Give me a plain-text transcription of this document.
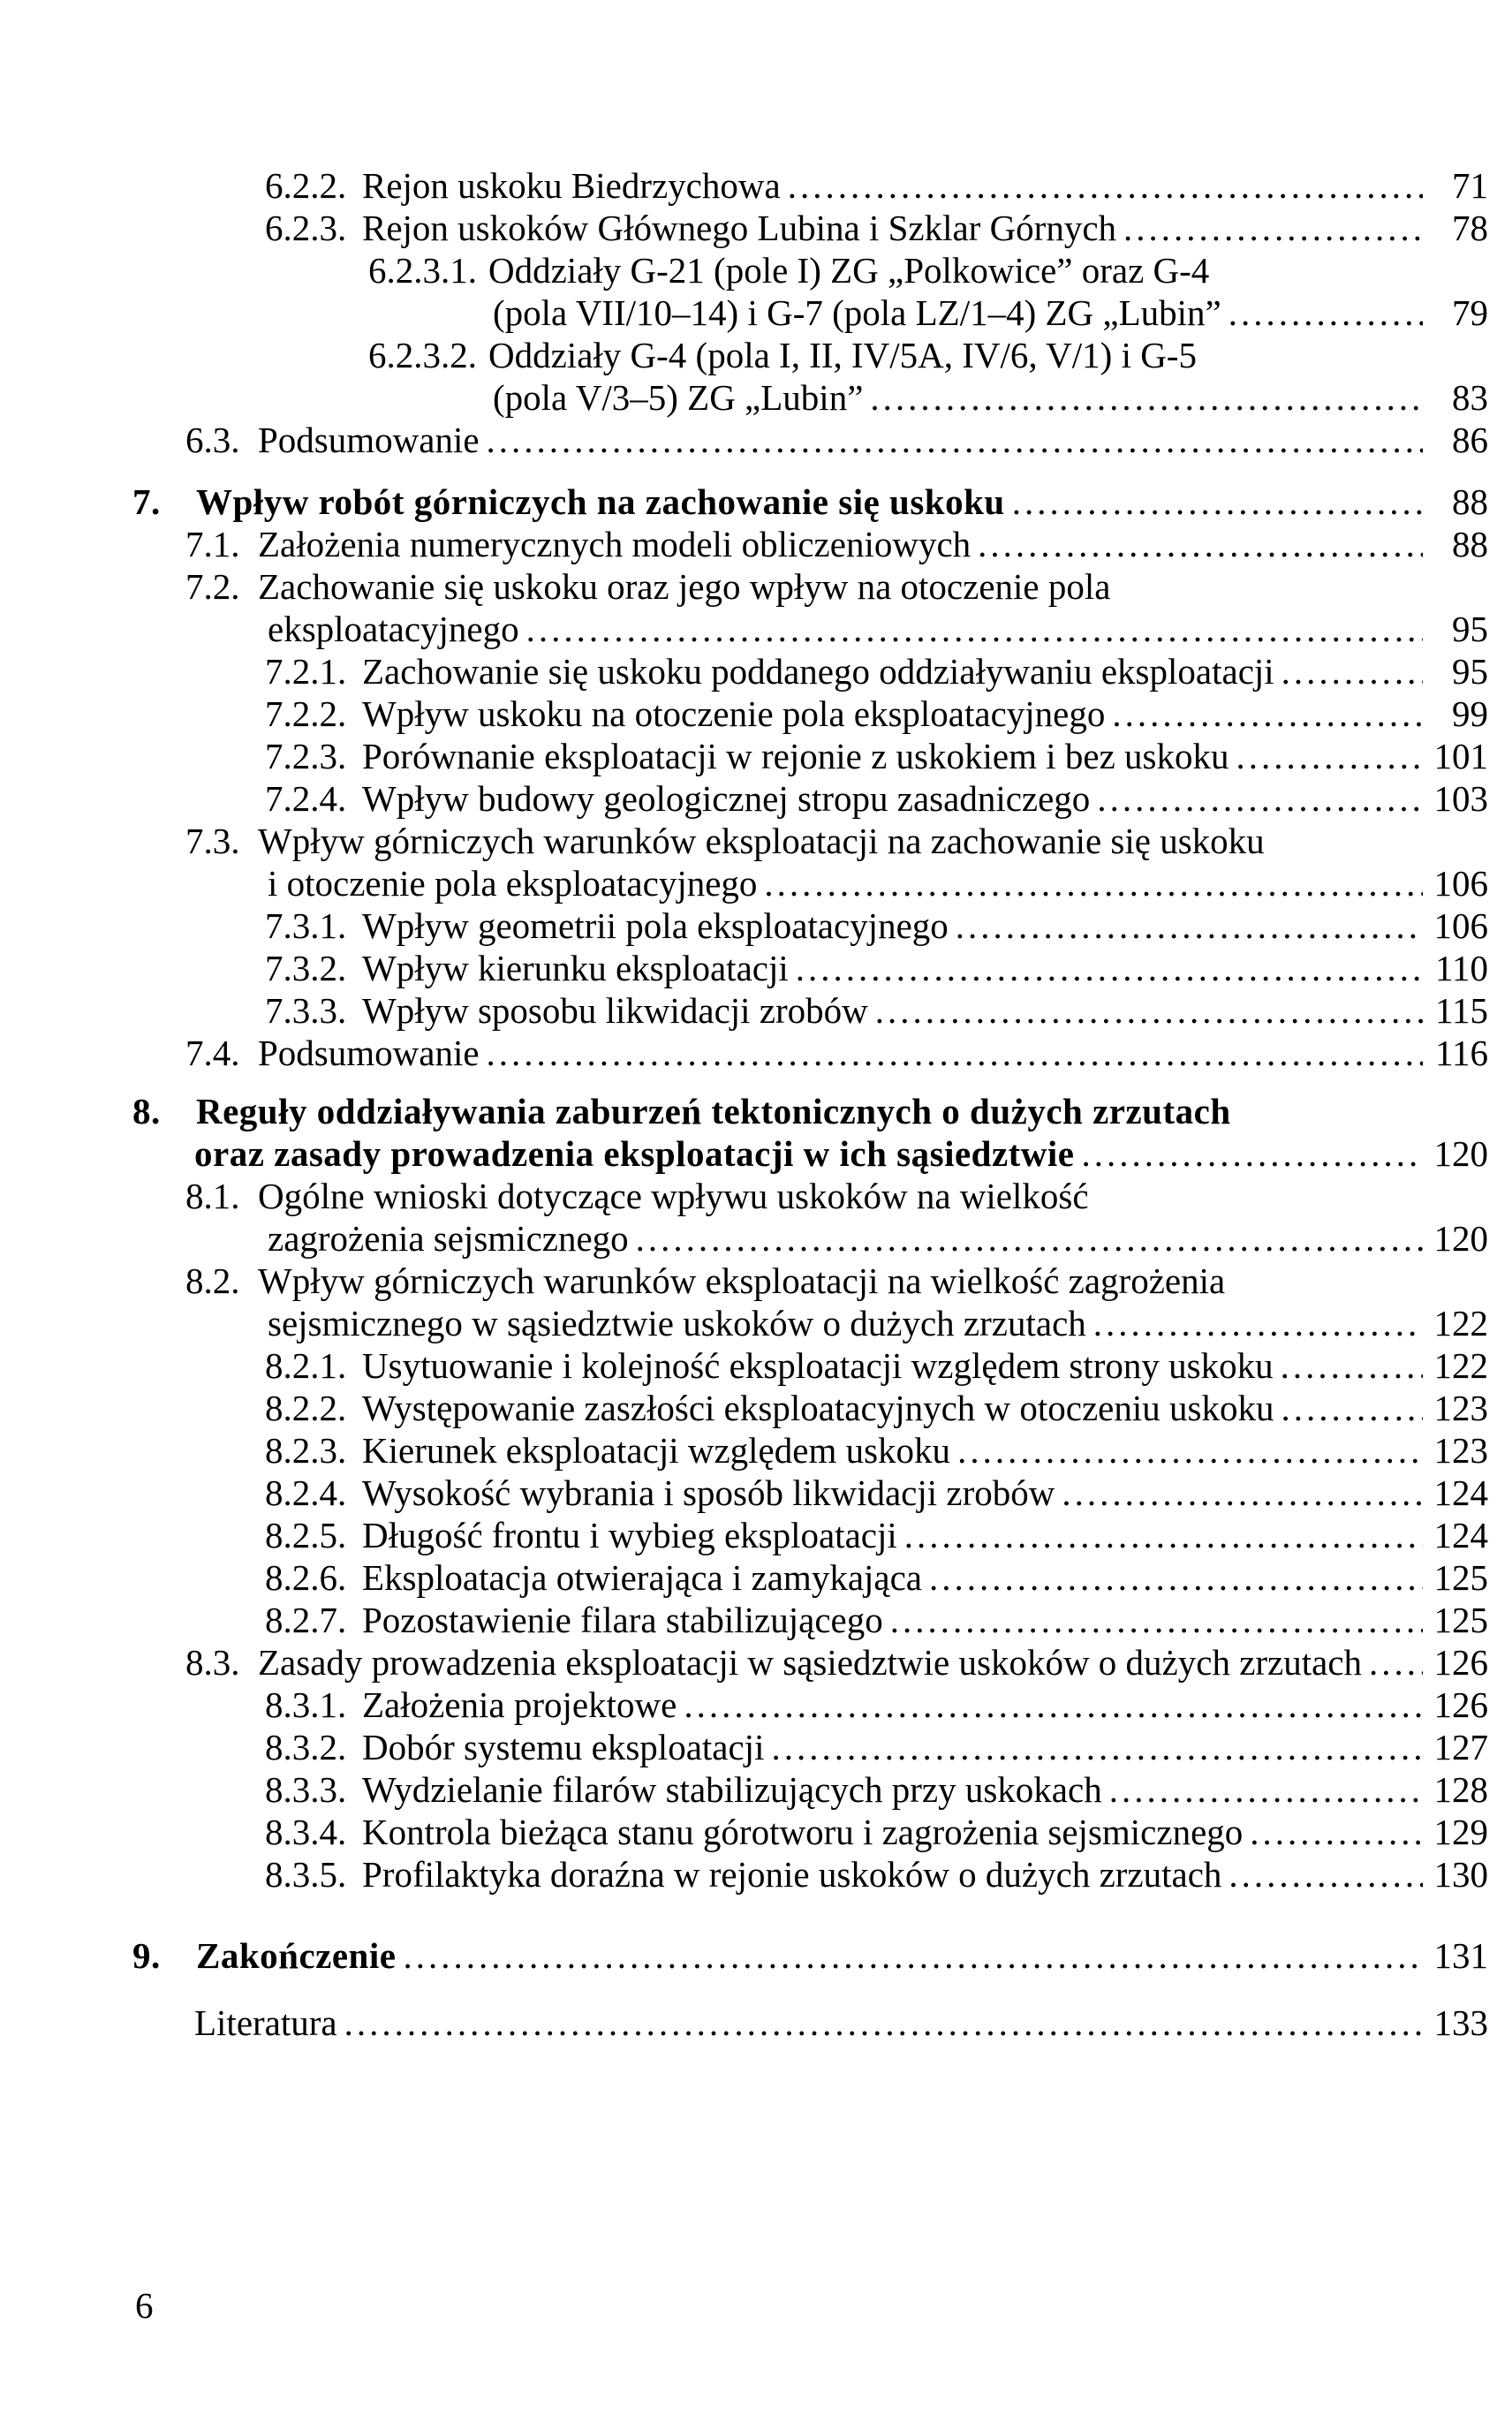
6.2.2. Rejon uskoku Biedrzychowa .....	71
6.2.3. Rejon uskoków Głównego Lubina i Szklar Górnych .....	78
6.2.3.1. Oddziały G-21 (pole I) ZG „Polkowice” oraz G-4
(pola VII/10–14) i G-7 (pola LZ/1–4) ZG „Lubin” .....	79
6.2.3.2. Oddziały G-4 (pola I, II, IV/5A, IV/6, V/1) i G-5
(pola V/3–5) ZG „Lubin” .....	83
6.3. Podsumowanie .....	86
7. Wpływ robót górniczych na zachowanie się uskoku .....	88
7.1. Założenia numerycznych modeli obliczeniowych .....	88
7.2. Zachowanie się uskoku oraz jego wpływ na otoczenie pola
eksploatacyjnego .....	95
7.2.1. Zachowanie się uskoku poddanego oddziaływaniu eksploatacji .....	95
7.2.2. Wpływ uskoku na otoczenie pola eksploatacyjnego .....	99
7.2.3. Porównanie eksploatacji w rejonie z uskokiem i bez uskoku .....	101
7.2.4. Wpływ budowy geologicznej stropu zasadniczego .....	103
7.3. Wpływ górniczych warunków eksploatacji na zachowanie się uskoku
i otoczenie pola eksploatacyjnego .....	106
7.3.1. Wpływ geometrii pola eksploatacyjnego .....	106
7.3.2. Wpływ kierunku eksploatacji .....	110
7.3.3. Wpływ sposobu likwidacji zrobów .....	115
7.4. Podsumowanie .....	116
8. Reguły oddziaływania zaburzeń tektonicznych o dużych zrzutach
oraz zasady prowadzenia eksploatacji w ich sąsiedztwie .....	120
8.1. Ogólne wnioski dotyczące wpływu uskoków na wielkość
zagrożenia sejsmicznego .....	120
8.2. Wpływ górniczych warunków eksploatacji na wielkość zagrożenia
sejsmicznego w sąsiedztwie uskoków o dużych zrzutach .....	122
8.2.1. Usytuowanie i kolejność eksploatacji względem strony uskoku .....	122
8.2.2. Występowanie zaszłości eksploatacyjnych w otoczeniu uskoku .....	123
8.2.3. Kierunek eksploatacji względem uskoku .....	123
8.2.4. Wysokość wybrania i sposób likwidacji zrobów .....	124
8.2.5. Długość frontu i wybieg eksploatacji .....	124
8.2.6. Eksploatacja otwierająca i zamykająca .....	125
8.2.7. Pozostawienie filara stabilizującego .....	125
8.3. Zasady prowadzenia eksploatacji w sąsiedztwie uskoków o dużych zrzutach .....	126
8.3.1. Założenia projektowe .....	126
8.3.2. Dobór systemu eksploatacji .....	127
8.3.3. Wydzielanie filarów stabilizujących przy uskokach .....	128
8.3.4. Kontrola bieżąca stanu górotworu i zagrożenia sejsmicznego .....	129
8.3.5. Profilaktyka doraźna w rejonie uskoków o dużych zrzutach .....	130
9. Zakończenie .....	131
Literatura .....	133
6
